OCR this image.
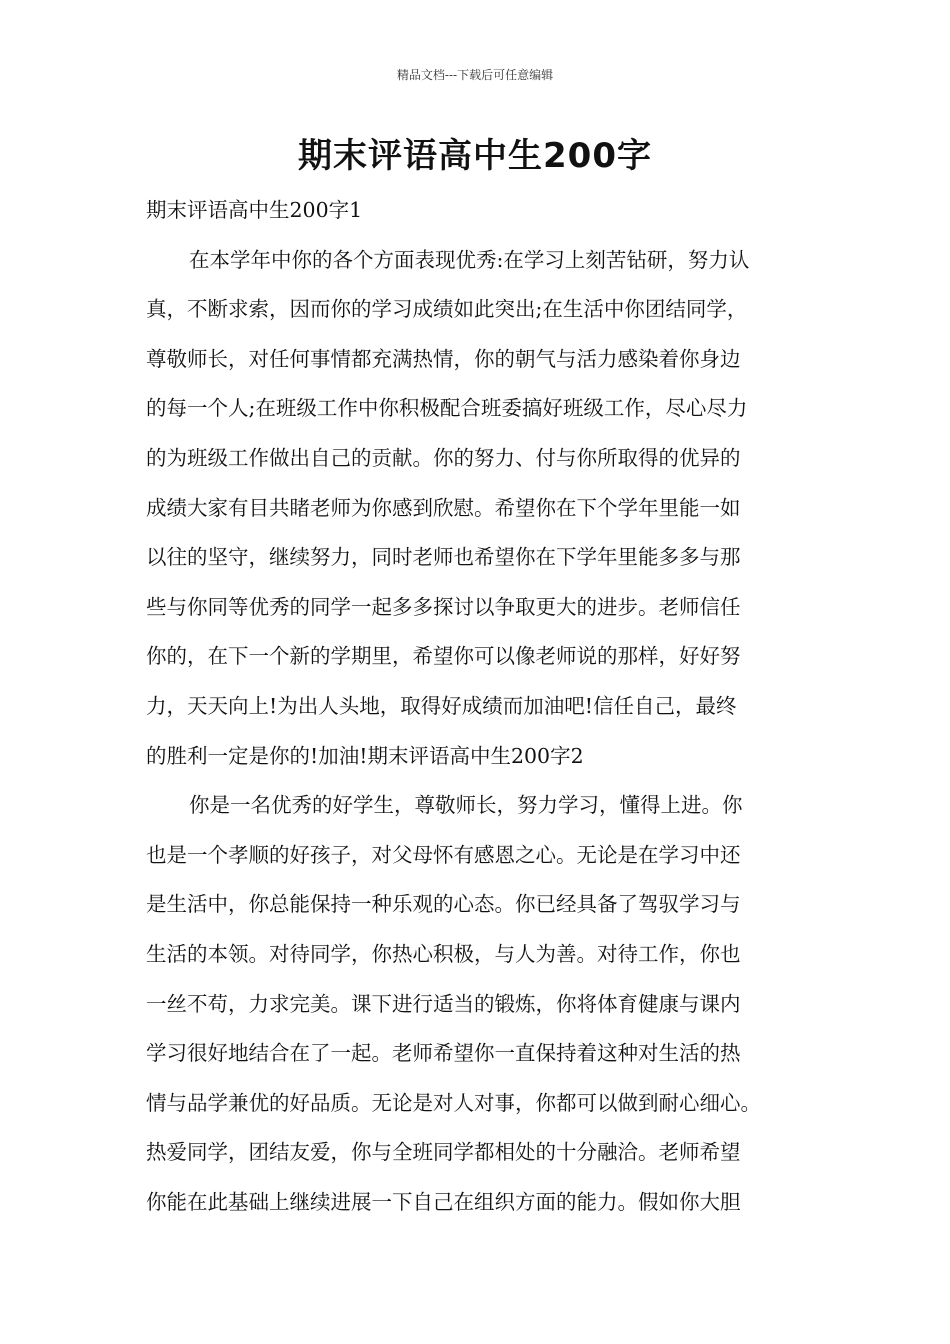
精品文档---下载后可任意编辑
期末评语高中生200字
期末评语高中生200字1

在本学年中你的各个方面表现优秀:在学习上刻苦钻研，努力认
真，不断求索，因而你的学习成绩如此突出;在生活中你团结同学，
尊敬师长，对任何事情都充满热情，你的朝气与活力感染着你身边
的每一个人;在班级工作中你积极配合班委搞好班级工作，尽心尽力
的为班级工作做出自己的贡献。你的努力、付与你所取得的优异的
成绩大家有目共睹老师为你感到欣慰。希望你在下个学年里能一如
以往的坚守，继续努力，同时老师也希望你在下学年里能多多与那
些与你同等优秀的同学一起多多探讨以争取更大的进步。老师信任
你的，在下一个新的学期里，希望你可以像老师说的那样，好好努
力，天天向上!为出人头地，取得好成绩而加油吧!信任自己，最终
的胜利一定是你的!加油!期末评语高中生200字2

你是一名优秀的好学生，尊敬师长，努力学习，懂得上进。你
也是一个孝顺的好孩子，对父母怀有感恩之心。无论是在学习中还
是生活中，你总能保持一种乐观的心态。你已经具备了驾驭学习与
生活的本领。对待同学，你热心积极，与人为善。对待工作，你也
一丝不苟，力求完美。课下进行适当的锻炼，你将体育健康与课内
学习很好地结合在了一起。老师希望你一直保持着这种对生活的热
情与品学兼优的好品质。无论是对人对事，你都可以做到耐心细心。
热爱同学，团结友爱，你与全班同学都相处的十分融洽。老师希望
你能在此基础上继续进展一下自己在组织方面的能力。假如你大胆
